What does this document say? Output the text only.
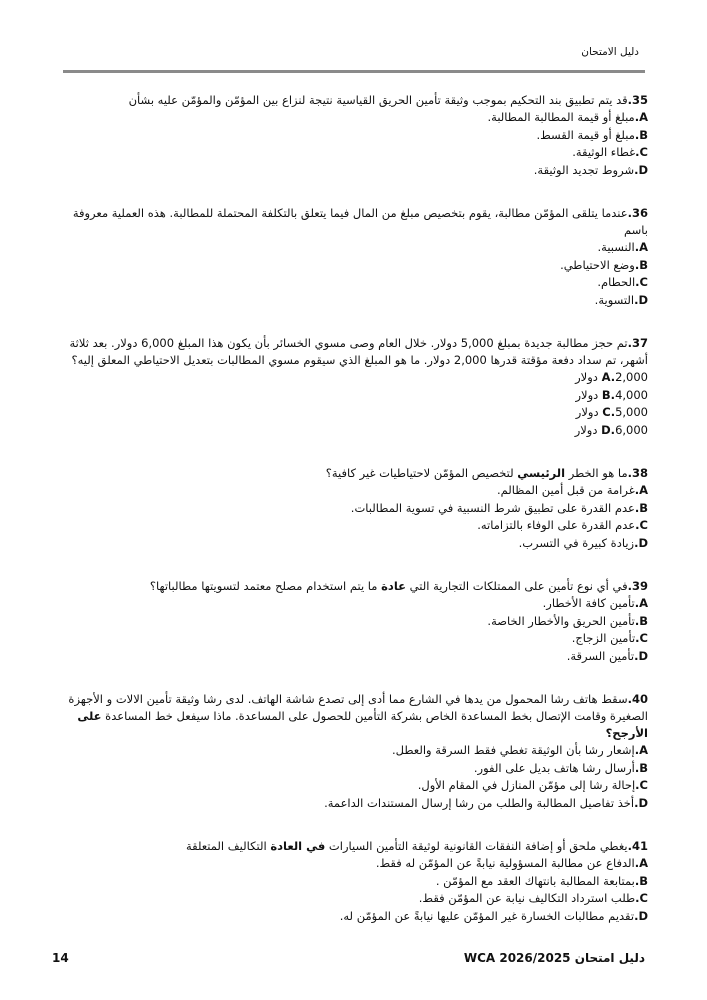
دليل الامتحان
35.قد يتم تطبيق بند التحكيم بموجب وثيقة تأمين الحريق القياسية نتيجة لنزاع بين المؤمّن والمؤمّن عليه بشأن
A.مبلغ أو قيمة المطالبة المطالبة.
B.مبلغ أو قيمة القسط.
C.غطاء الوثيقة.
D.شروط تجديد الوثيقة.
36.عندما يتلقى المؤمّن مطالبة، يقوم بتخصيص مبلغ من المال فيما يتعلق بالتكلفة المحتملة للمطالبة. هذه العملية معروفة باسم
A.النسبية.
B.وضع الاحتياطي.
C.الحطام.
D.التسوية.
37.تم حجز مطالبة جديدة بمبلغ 5,000 دولار. خلال العام وصى مسوي الخسائر بأن يكون هذا المبلغ 6,000 دولار. بعد ثلاثة أشهر، تم سداد دفعة مؤقتة قدرها 2,000 دولار. ما هو المبلغ الذي سيقوم مسوي المطالبات بتعديل الاحتياطي المعلق إليه؟
A.2,000 دولار
B.4,000 دولار
C.5,000 دولار
D.6,000 دولار
38.ما هو الخطر الرئيسي لتخصيص المؤمّن لاحتياطيات غير كافية؟
A.غرامة من قبل أمين المظالم.
B.عدم القدرة على تطبيق شرط النسبية في تسوية المطالبات.
C.عدم القدرة على الوفاء بالتزاماته.
D.زيادة كبيرة في التسرب.
39.في أي نوع تأمين على الممتلكات التجارية التي عادة ما يتم استخدام مصلح معتمد لتسويتها مطالباتها؟
A.تأمين كافة الأخطار.
B.تأمين الحريق والأخطار الخاصة.
C.تأمين الزجاج.
D.تأمين السرقة.
40.سقط هاتف رشا المحمول من يدها في الشارع مما أدى إلى تصدع شاشة الهاتف. لدى رشا وثيقة تأمين الالات و الأجهزة الصغيرة وقامت الإتصال بخط المساعدة الخاص بشركة التأمين للحصول على المساعدة. ماذا سيفعل خط المساعدة على الأرجح؟
A.إشعار رشا بأن الوثيقة تغطي فقط السرقة والعطل.
B.أرسال رشا هاتف بديل على الفور.
C.إحالة رشا إلى مؤمّن المنازل في المقام الأول.
D.أخذ تفاصيل المطالبة والطلب من رشا إرسال المستندات الداعمة.
41.يغطي ملحق أو إضافة النفقات القانونية لوثيقة التأمين السيارات في العادة التكاليف المتعلقة
A.الدفاع عن مطالبة المسؤولية نيابةً عن المؤمّن له فقط.
B.بمتابعة المطالبة بانتهاك العقد مع المؤمّن .
C.طلب استرداد التكاليف نيابة عن المؤمّن فقط.
D.تقديم مطالبات الخسارة غير المؤمّن عليها نيابةً عن المؤمّن له.
14	دليل امتحان WCA 2026/2025
